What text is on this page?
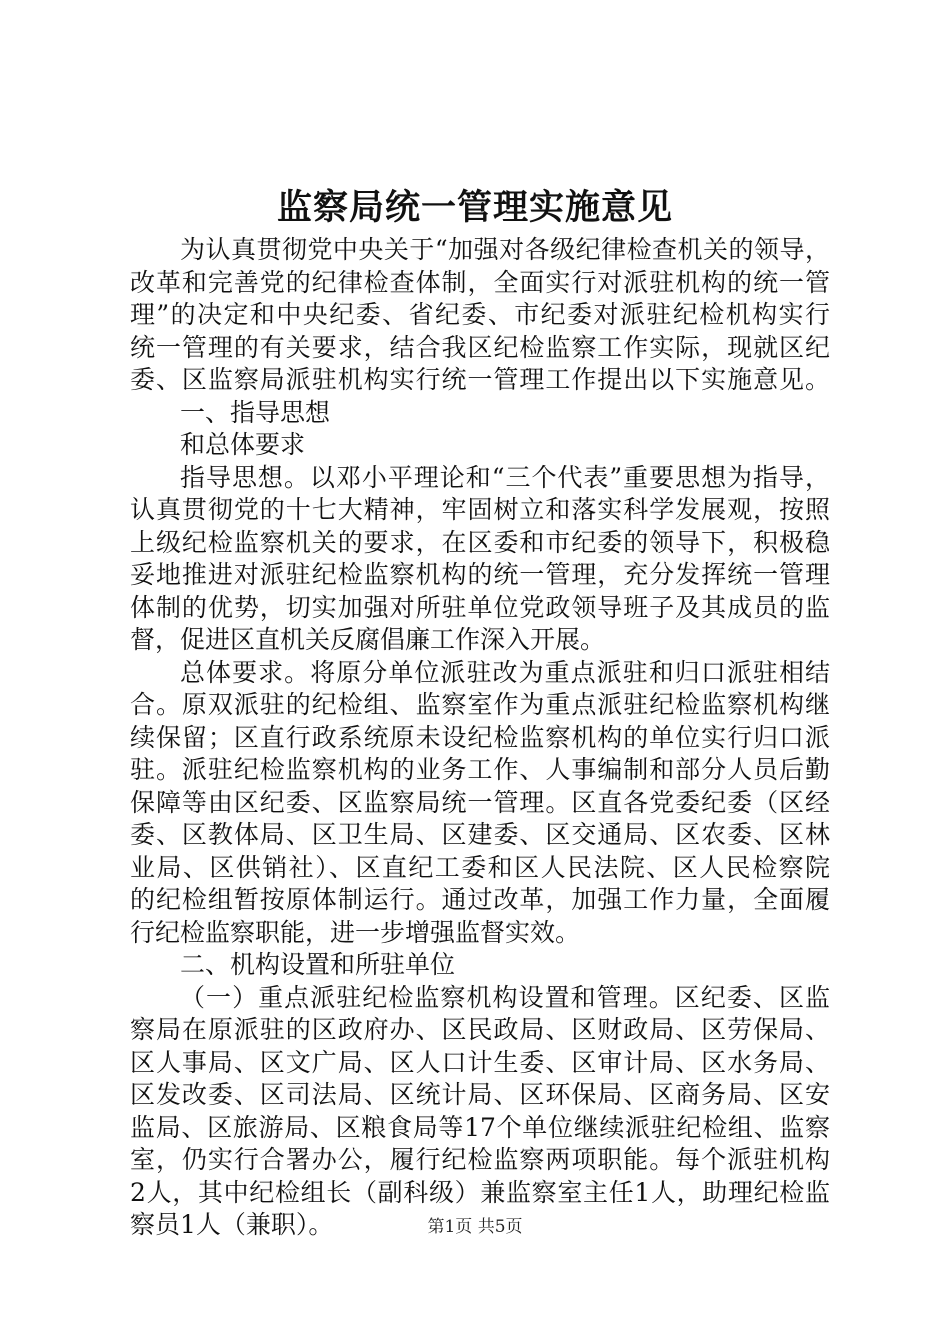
监察局统一管理实施意见
为认真贯彻党中央关于“加强对各级纪律检查机关的领导，
改革和完善党的纪律检查体制，全面实行对派驻机构的统一管
理”的决定和中央纪委、省纪委、市纪委对派驻纪检机构实行
统一管理的有关要求，结合我区纪检监察工作实际，现就区纪
委、区监察局派驻机构实行统一管理工作提出以下实施意见。
一、指导思想
和总体要求
指导思想。以邓小平理论和“三个代表”重要思想为指导，
认真贯彻党的十七大精神，牢固树立和落实科学发展观，按照
上级纪检监察机关的要求，在区委和市纪委的领导下，积极稳
妥地推进对派驻纪检监察机构的统一管理，充分发挥统一管理
体制的优势，切实加强对所驻单位党政领导班子及其成员的监
督，促进区直机关反腐倡廉工作深入开展。
总体要求。将原分单位派驻改为重点派驻和归口派驻相结
合。原双派驻的纪检组、监察室作为重点派驻纪检监察机构继
续保留；区直行政系统原未设纪检监察机构的单位实行归口派
驻。派驻纪检监察机构的业务工作、人事编制和部分人员后勤
保障等由区纪委、区监察局统一管理。区直各党委纪委（区经
委、区教体局、区卫生局、区建委、区交通局、区农委、区林
业局、区供销社）、区直纪工委和区人民法院、区人民检察院
的纪检组暂按原体制运行。通过改革，加强工作力量，全面履
行纪检监察职能，进一步增强监督实效。
二、机构设置和所驻单位
（一）重点派驻纪检监察机构设置和管理。区纪委、区监
察局在原派驻的区政府办、区民政局、区财政局、区劳保局、
区人事局、区文广局、区人口计生委、区审计局、区水务局、
区发改委、区司法局、区统计局、区环保局、区商务局、区安
监局、区旅游局、区粮食局等17个单位继续派驻纪检组、监察
室，仍实行合署办公，履行纪检监察两项职能。每个派驻机构
2人，其中纪检组长（副科级）兼监察室主任1人，助理纪检监
察员1人（兼职）。	第1页 共5页
